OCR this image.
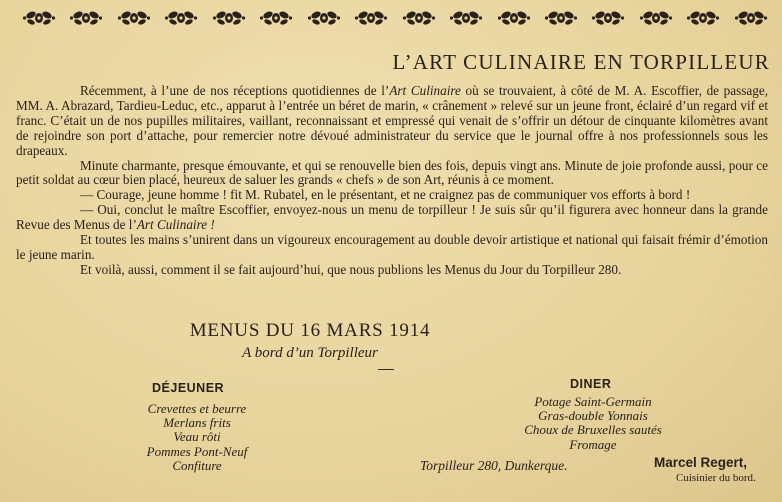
L’ART CULINAIRE EN TORPILLEUR

Récemment, à l’une de nos réceptions quotidiennes de l’Art Culinaire où se trouvaient, à côté de M. A. Escoffier, de passage, MM. A. Abrazard, Tardieu-Leduc, etc., apparut à l’entrée un béret de marin, « crânement » relevé sur un jeune front, éclairé d’un regard vif et franc. C’était un de nos pupilles militaires, vaillant, reconnaissant et empressé qui venait de s’offrir un détour de cinquante kilomètres avant de rejoindre son port d’attache, pour remercier notre dévoué administrateur du service que le journal offre à nos professionnels sous les drapeaux.

Minute charmante, presque émouvante, et qui se renouvelle bien des fois, depuis vingt ans. Minute de joie profonde aussi, pour ce petit soldat au cœur bien placé, heureux de saluer les grands « chefs » de son Art, réunis à ce moment.

— Courage, jeune homme ! fit M. Rubatel, en le présentant, et ne craignez pas de communiquer vos efforts à bord !

— Oui, conclut le maître Escoffier, envoyez-nous un menu de torpilleur ! Je suis sûr qu’il figurera avec honneur dans la grande Revue des Menus de l’Art Culinaire !

Et toutes les mains s’unirent dans un vigoureux encouragement au double devoir artistique et national qui faisait frémir d’émotion le jeune marin.

Et voilà, aussi, comment il se fait aujourd’hui, que nous publions les Menus du Jour du Torpilleur 280.

MENUS DU 16 MARS 1914
A bord d’un Torpilleur
DÉJEUNER
Crevettes et beurre
Merlans frits
Veau rôti
Pommes Pont-Neuf
Confiture
DINER
Potage Saint-Germain
Gras-double Yonnais
Choux de Bruxelles sautés
Fromage
Torpilleur 280, Dunkerque.	Marcel Regert,
Cuisinier du bord.
